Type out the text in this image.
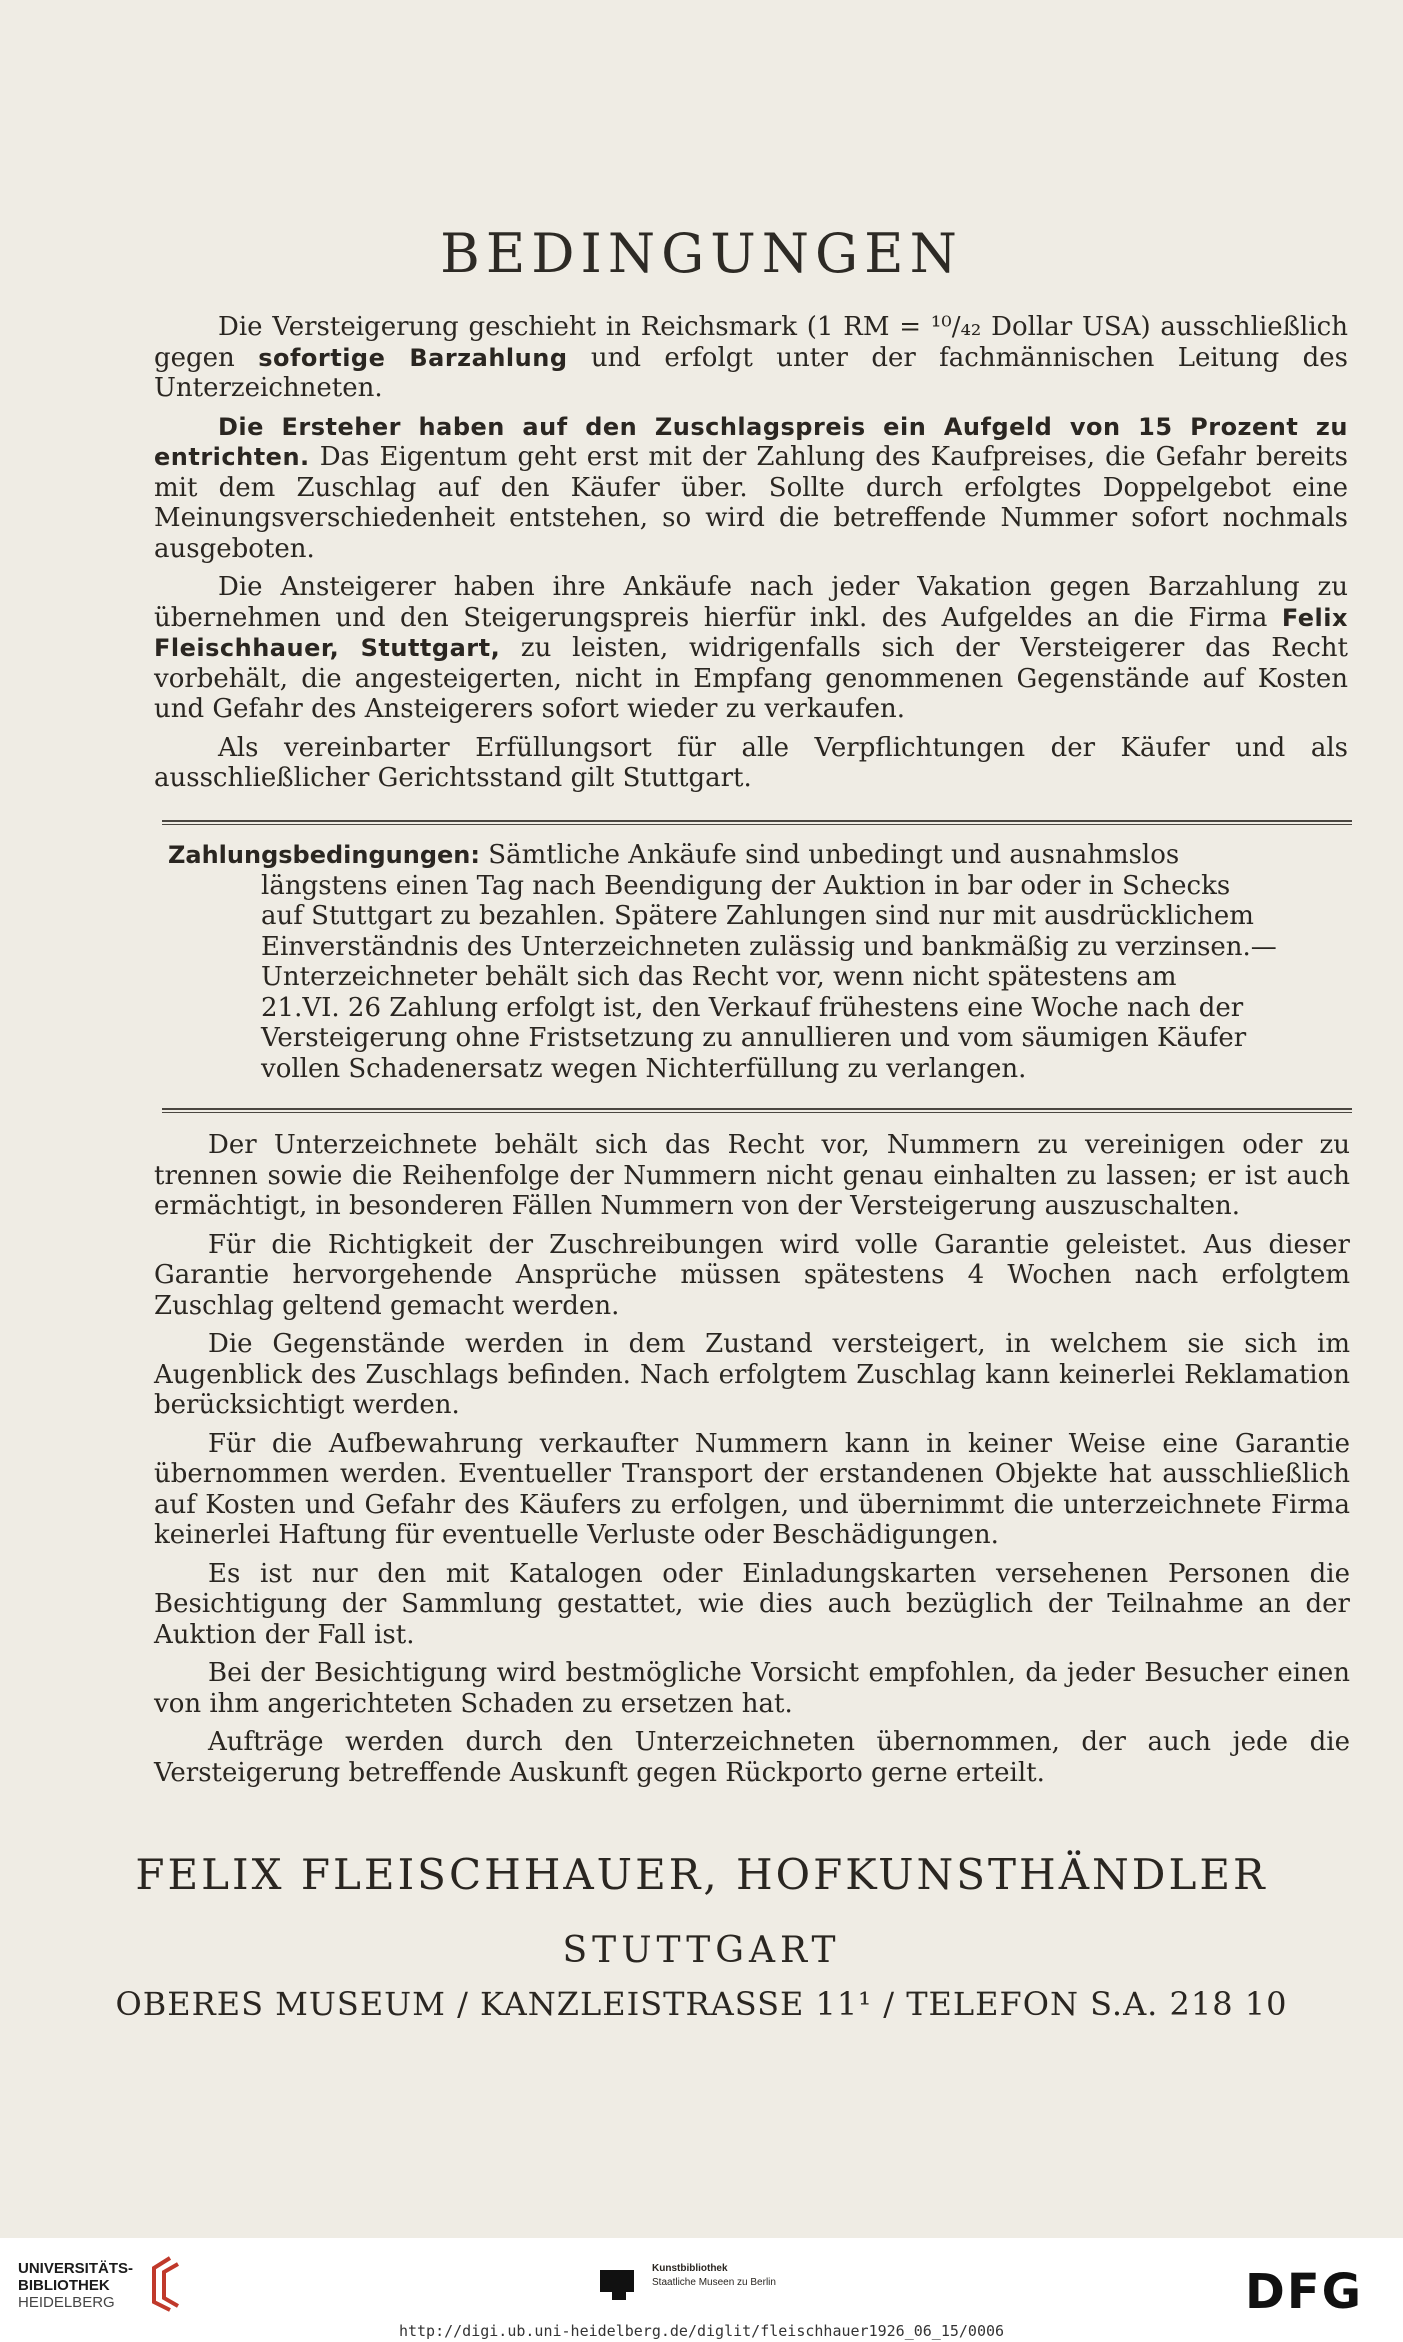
BEDINGUNGEN

Die Versteigerung geschieht in Reichsmark (1 RM = ¹⁰/₄₂ Dollar USA) ausschließlich gegen sofortige Barzahlung und erfolgt unter der fachmännischen Leitung des Unterzeichneten.

Die Ersteher haben auf den Zuschlagspreis ein Aufgeld von 15 Prozent zu entrichten. Das Eigentum geht erst mit der Zahlung des Kaufpreises, die Gefahr bereits mit dem Zuschlag auf den Käufer über. Sollte durch erfolgtes Doppelgebot eine Meinungsverschiedenheit entstehen, so wird die betreffende Nummer sofort nochmals ausgeboten.

Die Ansteigerer haben ihre Ankäufe nach jeder Vakation gegen Barzahlung zu übernehmen und den Steigerungspreis hierfür inkl. des Aufgeldes an die Firma Felix Fleischhauer, Stuttgart, zu leisten, widrigenfalls sich der Versteigerer das Recht vorbehält, die angesteigerten, nicht in Empfang genommenen Gegenstände auf Kosten und Gefahr des Ansteigerers sofort wieder zu verkaufen.

Als vereinbarter Erfüllungsort für alle Verpflichtungen der Käufer und als ausschließlicher Gerichtsstand gilt Stuttgart.

Zahlungsbedingungen: Sämtliche Ankäufe sind unbedingt und ausnahmslos
längstens einen Tag nach Beendigung der Auktion in bar oder in Schecks
auf Stuttgart zu bezahlen. Spätere Zahlungen sind nur mit ausdrücklichem
Einverständnis des Unterzeichneten zulässig und bankmäßig zu verzinsen.—
Unterzeichneter behält sich das Recht vor, wenn nicht spätestens am
21.VI. 26 Zahlung erfolgt ist, den Verkauf frühestens eine Woche nach der
Versteigerung ohne Fristsetzung zu annullieren und vom säumigen Käufer
vollen Schadenersatz wegen Nichterfüllung zu verlangen.

Der Unterzeichnete behält sich das Recht vor, Nummern zu vereinigen oder zu trennen sowie die Reihenfolge der Nummern nicht genau einhalten zu lassen; er ist auch ermächtigt, in besonderen Fällen Nummern von der Versteigerung auszuschalten.

Für die Richtigkeit der Zuschreibungen wird volle Garantie geleistet. Aus dieser Garantie hervorgehende Ansprüche müssen spätestens 4 Wochen nach erfolgtem Zuschlag geltend gemacht werden.

Die Gegenstände werden in dem Zustand versteigert, in welchem sie sich im Augenblick des Zuschlags befinden. Nach erfolgtem Zuschlag kann keinerlei Reklamation berücksichtigt werden.

Für die Aufbewahrung verkaufter Nummern kann in keiner Weise eine Garantie übernommen werden. Eventueller Transport der erstandenen Objekte hat ausschließlich auf Kosten und Gefahr des Käufers zu erfolgen, und übernimmt die unterzeichnete Firma keinerlei Haftung für eventuelle Verluste oder Beschädigungen.

Es ist nur den mit Katalogen oder Einladungskarten versehenen Personen die Besichtigung der Sammlung gestattet, wie dies auch bezüglich der Teilnahme an der Auktion der Fall ist.

Bei der Besichtigung wird bestmögliche Vorsicht empfohlen, da jeder Besucher einen von ihm angerichteten Schaden zu ersetzen hat.

Aufträge werden durch den Unterzeichneten übernommen, der auch jede die Versteigerung betreffende Auskunft gegen Rückporto gerne erteilt.

FELIX FLEISCHHAUER, HOFKUNSTHÄNDLER
STUTTGART
OBERES MUSEUM / KANZLEISTRASSE 11¹ / TELEFON S.A. 218 10
UNIVERSITÄTS-
BIBLIOTHEK
HEIDELBERG
Kunstbibliothek
Staatliche Museen zu Berlin	DFG
http://digi.ub.uni-heidelberg.de/diglit/fleischhauer1926_06_15/0006
